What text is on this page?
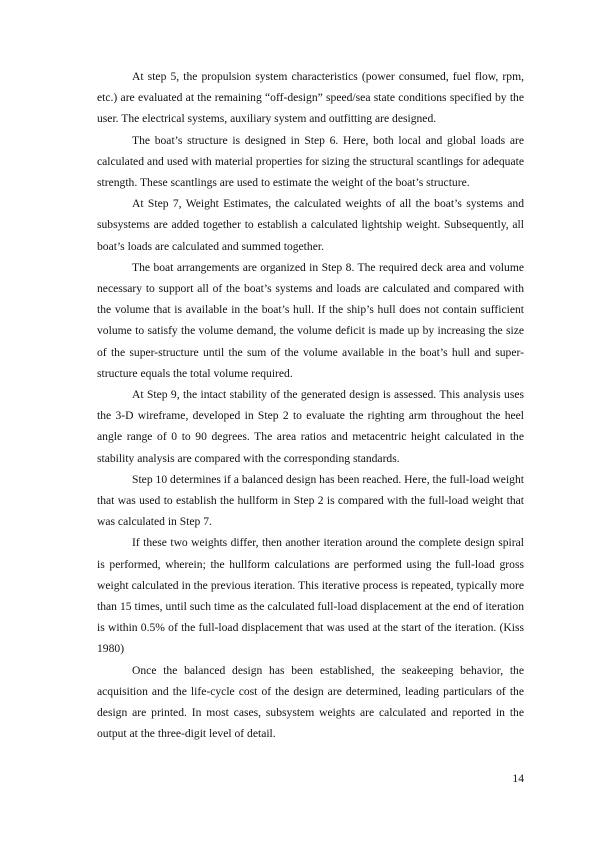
At step 5, the propulsion system characteristics (power consumed, fuel flow, rpm, etc.) are evaluated at the remaining “off-design” speed/sea state conditions specified by the user. The electrical systems, auxiliary system and outfitting are designed.

The boat’s structure is designed in Step 6. Here, both local and global loads are calculated and used with material properties for sizing the structural scantlings for adequate strength. These scantlings are used to estimate the weight of the boat’s structure.

At Step 7, Weight Estimates, the calculated weights of all the boat’s systems and subsystems are added together to establish a calculated lightship weight. Subsequently, all boat’s loads are calculated and summed together.

The boat arrangements are organized in Step 8. The required deck area and volume necessary to support all of the boat’s systems and loads are calculated and compared with the volume that is available in the boat’s hull. If the ship’s hull does not contain sufficient volume to satisfy the volume demand, the volume deficit is made up by increasing the size of the super-structure until the sum of the volume available in the boat’s hull and super-structure equals the total volume required.

At Step 9, the intact stability of the generated design is assessed. This analysis uses the 3-D wireframe, developed in Step 2 to evaluate the righting arm throughout the heel angle range of 0 to 90 degrees. The area ratios and metacentric height calculated in the stability analysis are compared with the corresponding standards.

Step 10 determines if a balanced design has been reached. Here, the full-load weight that was used to establish the hullform in Step 2 is compared with the full-load weight that was calculated in Step 7.

If these two weights differ, then another iteration around the complete design spiral is performed, wherein; the hullform calculations are performed using the full-load gross weight calculated in the previous iteration. This iterative process is repeated, typically more than 15 times, until such time as the calculated full-load displacement at the end of iteration is within 0.5% of the full-load displacement that was used at the start of the iteration. (Kiss 1980)

Once the balanced design has been established, the seakeeping behavior, the acquisition and the life-cycle cost of the design are determined, leading particulars of the design are printed. In most cases, subsystem weights are calculated and reported in the output at the three-digit level of detail.

14
